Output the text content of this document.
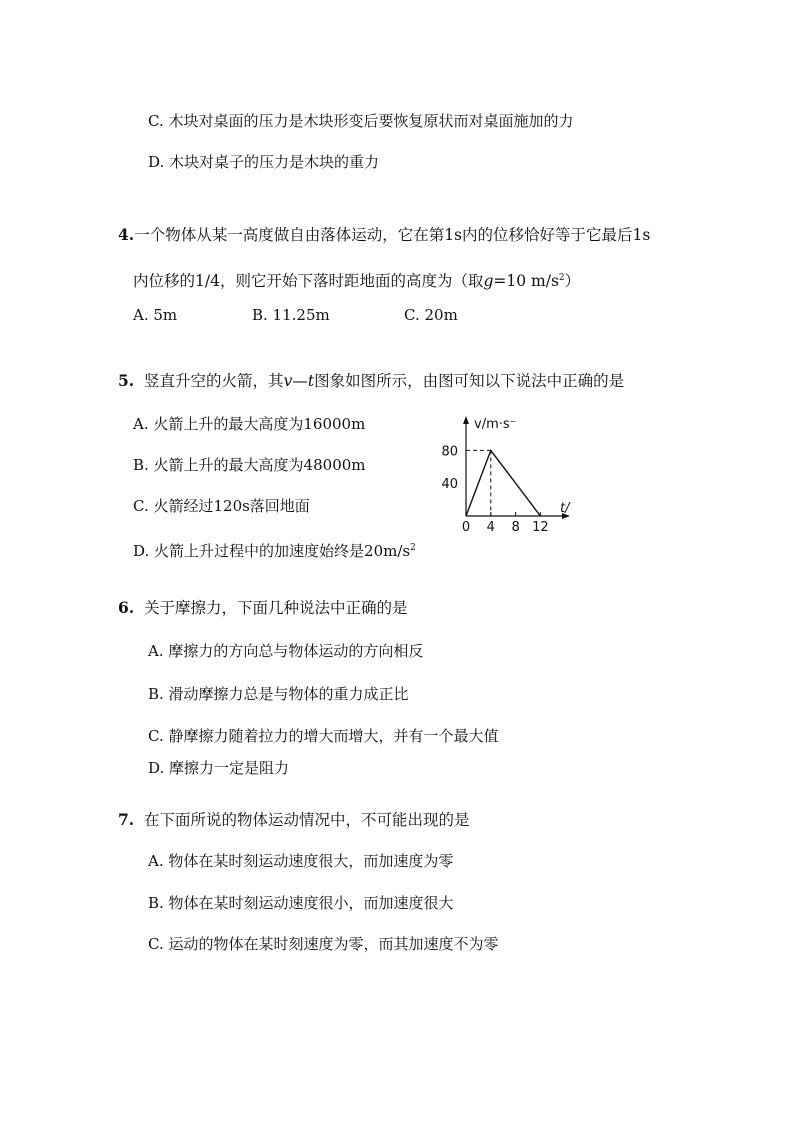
C. 木块对桌面的压力是木块形变后要恢复原状而对桌面施加的力
D. 木块对桌子的压力是木块的重力
4.一个物体从某一高度做自由落体运动，它在第1s内的位移恰好等于它最后1s
内位移的1/4，则它开始下落时距地面的高度为（取g=10 $m/s^2$）
A. 5m	B. 11.25m	C. 20m
5. 竖直升空的火箭，其v—t图象如图所示，由图可知以下说法中正确的是
A. 火箭上升的最大高度为16000m
B. 火箭上升的最大高度为48000m
C. 火箭经过120s落回地面
D. 火箭上升过程中的加速度始终是$20m/s^2$
0 4 8 12
40
80
v/m·s⁻
t/
6. 关于摩擦力，下面几种说法中正确的是
A. 摩擦力的方向总与物体运动的方向相反
B. 滑动摩擦力总是与物体的重力成正比
C. 静摩擦力随着拉力的增大而增大，并有一个最大值
D. 摩擦力一定是阻力
7. 在下面所说的物体运动情况中，不可能出现的是
A. 物体在某时刻运动速度很大，而加速度为零
B. 物体在某时刻运动速度很小，而加速度很大
C. 运动的物体在某时刻速度为零，而其加速度不为零
